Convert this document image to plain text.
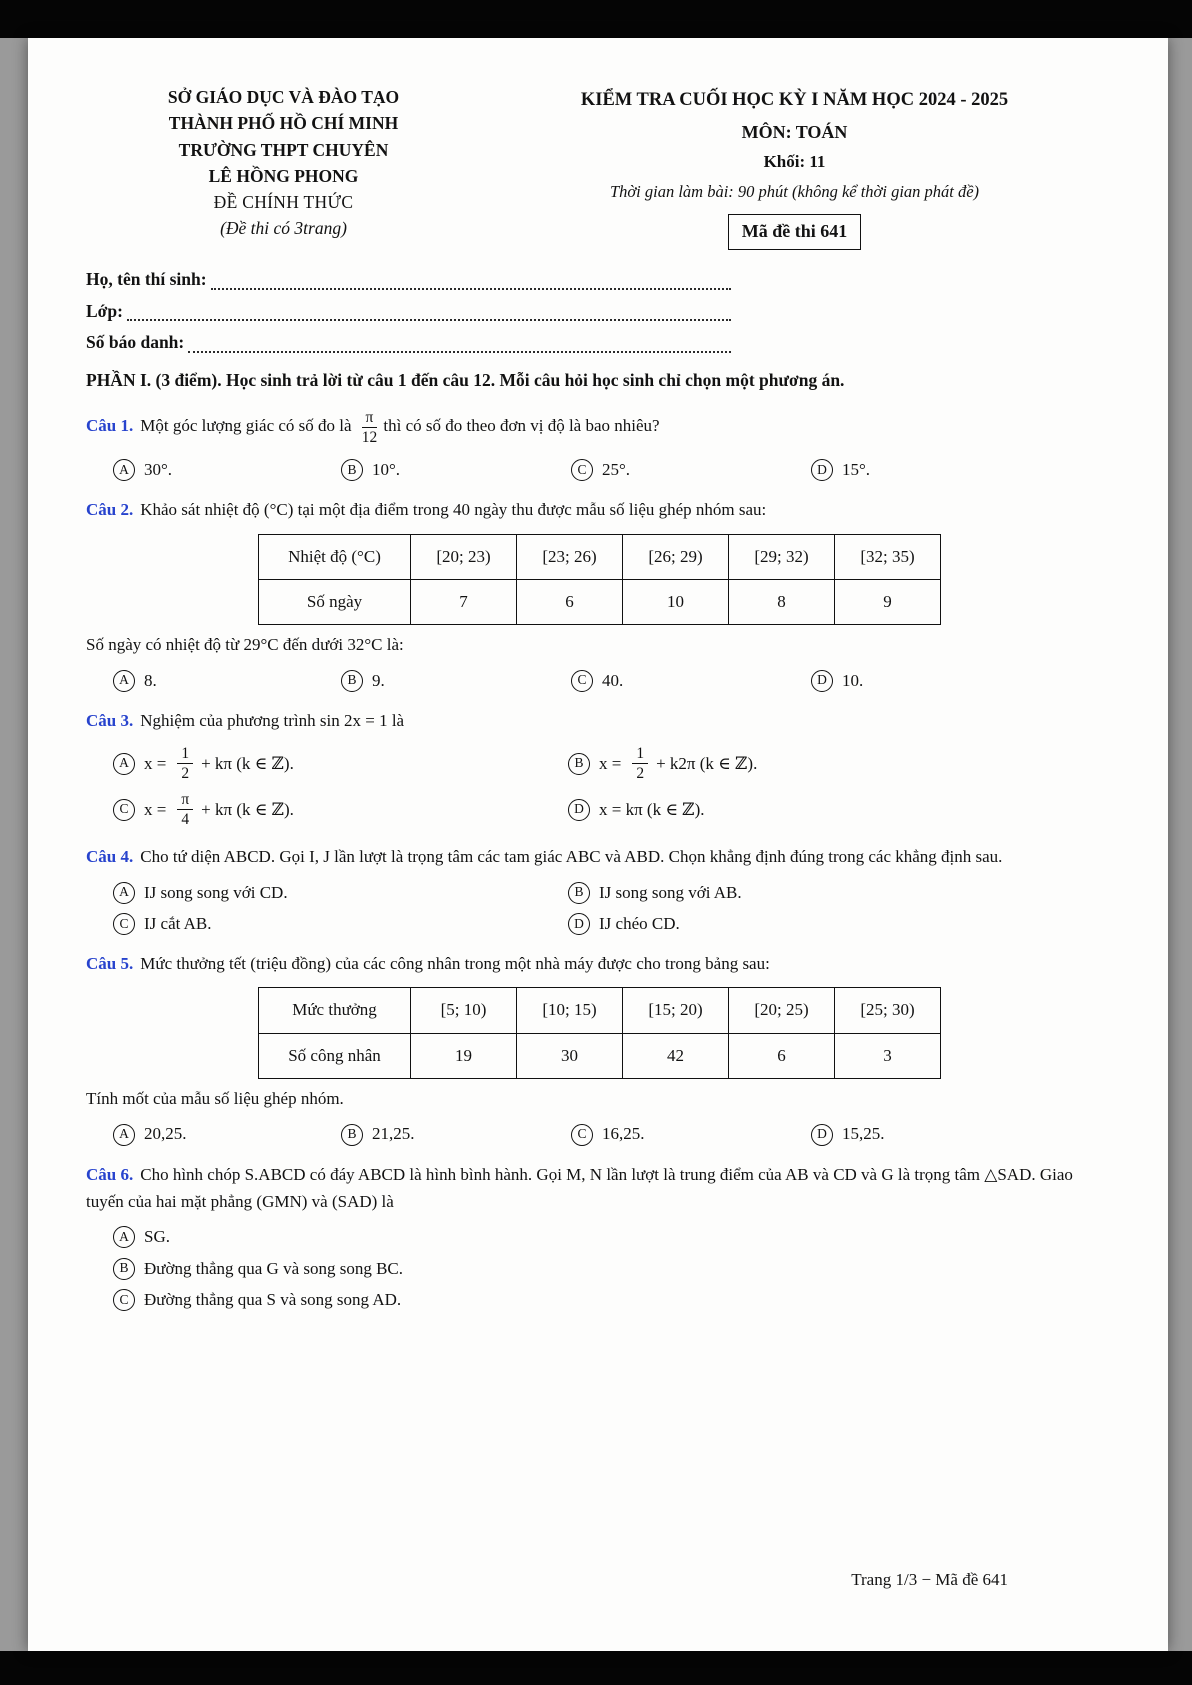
SỞ GIÁO DỤC VÀ ĐÀO TẠO

THÀNH PHỐ HỒ CHÍ MINH

TRƯỜNG THPT CHUYÊN

LÊ HỒNG PHONG

ĐỀ CHÍNH THỨC

(Đề thi có 3trang)

KIỂM TRA CUỐI HỌC KỲ I NĂM HỌC 2024 - 2025

MÔN: TOÁN

Khối: 11

Thời gian làm bài: 90 phút (không kể thời gian phát đề)

Mã đề thi 641
Họ, tên thí sinh:
Lớp:
Số báo danh:

PHẦN I. (3 điểm). Học sinh trả lời từ câu 1 đến câu 12. Mỗi câu hỏi học sinh chỉ chọn một phương án.

Câu 1. Một góc lượng giác có số đo là $\frac{\pi}{12}$ thì có số đo theo đơn vị độ là bao nhiêu?

A 30°.	B 10°.	C 25°.	D 15°.

Câu 2. Khảo sát nhiệt độ (°C) tại một địa điểm trong 40 ngày thu được mẫu số liệu ghép nhóm sau:

Nhiệt độ (°C)	[20; 23)	[23; 26)	[26; 29)	[29; 32)	[32; 35)
Số ngày	7	6	10	8	9

Số ngày có nhiệt độ từ 29°C đến dưới 32°C là:

A 8.	B 9.	C 40.	D 10.

Câu 3. Nghiệm của phương trình sin 2x = 1 là

A $x = \frac{1}{2} + k\pi$ (k ∈ ℤ).	B $x = \frac{1}{2} + k2\pi$ (k ∈ ℤ).
C $x = \frac{\pi}{4} + k\pi$ (k ∈ ℤ).	D x = kπ (k ∈ ℤ).

Câu 4. Cho tứ diện ABCD. Gọi I, J lần lượt là trọng tâm các tam giác ABC và ABD. Chọn khẳng định đúng trong các khẳng định sau.

A IJ song song với CD.	B IJ song song với AB.
C IJ cắt AB.	D IJ chéo CD.

Câu 5. Mức thưởng tết (triệu đồng) của các công nhân trong một nhà máy được cho trong bảng sau:

Mức thưởng	[5; 10)	[10; 15)	[15; 20)	[20; 25)	[25; 30)
Số công nhân	19	30	42	6	3

Tính mốt của mẫu số liệu ghép nhóm.

A 20,25.	B 21,25.	C 16,25.	D 15,25.

Câu 6. Cho hình chóp S.ABCD có đáy ABCD là hình bình hành. Gọi M, N lần lượt là trung điểm của AB và CD và G là trọng tâm △SAD. Giao tuyến của hai mặt phẳng (GMN) và (SAD) là

A SG.
B Đường thẳng qua G và song song BC.
C Đường thẳng qua S và song song AD.
Trang 1/3 − Mã đề 641
